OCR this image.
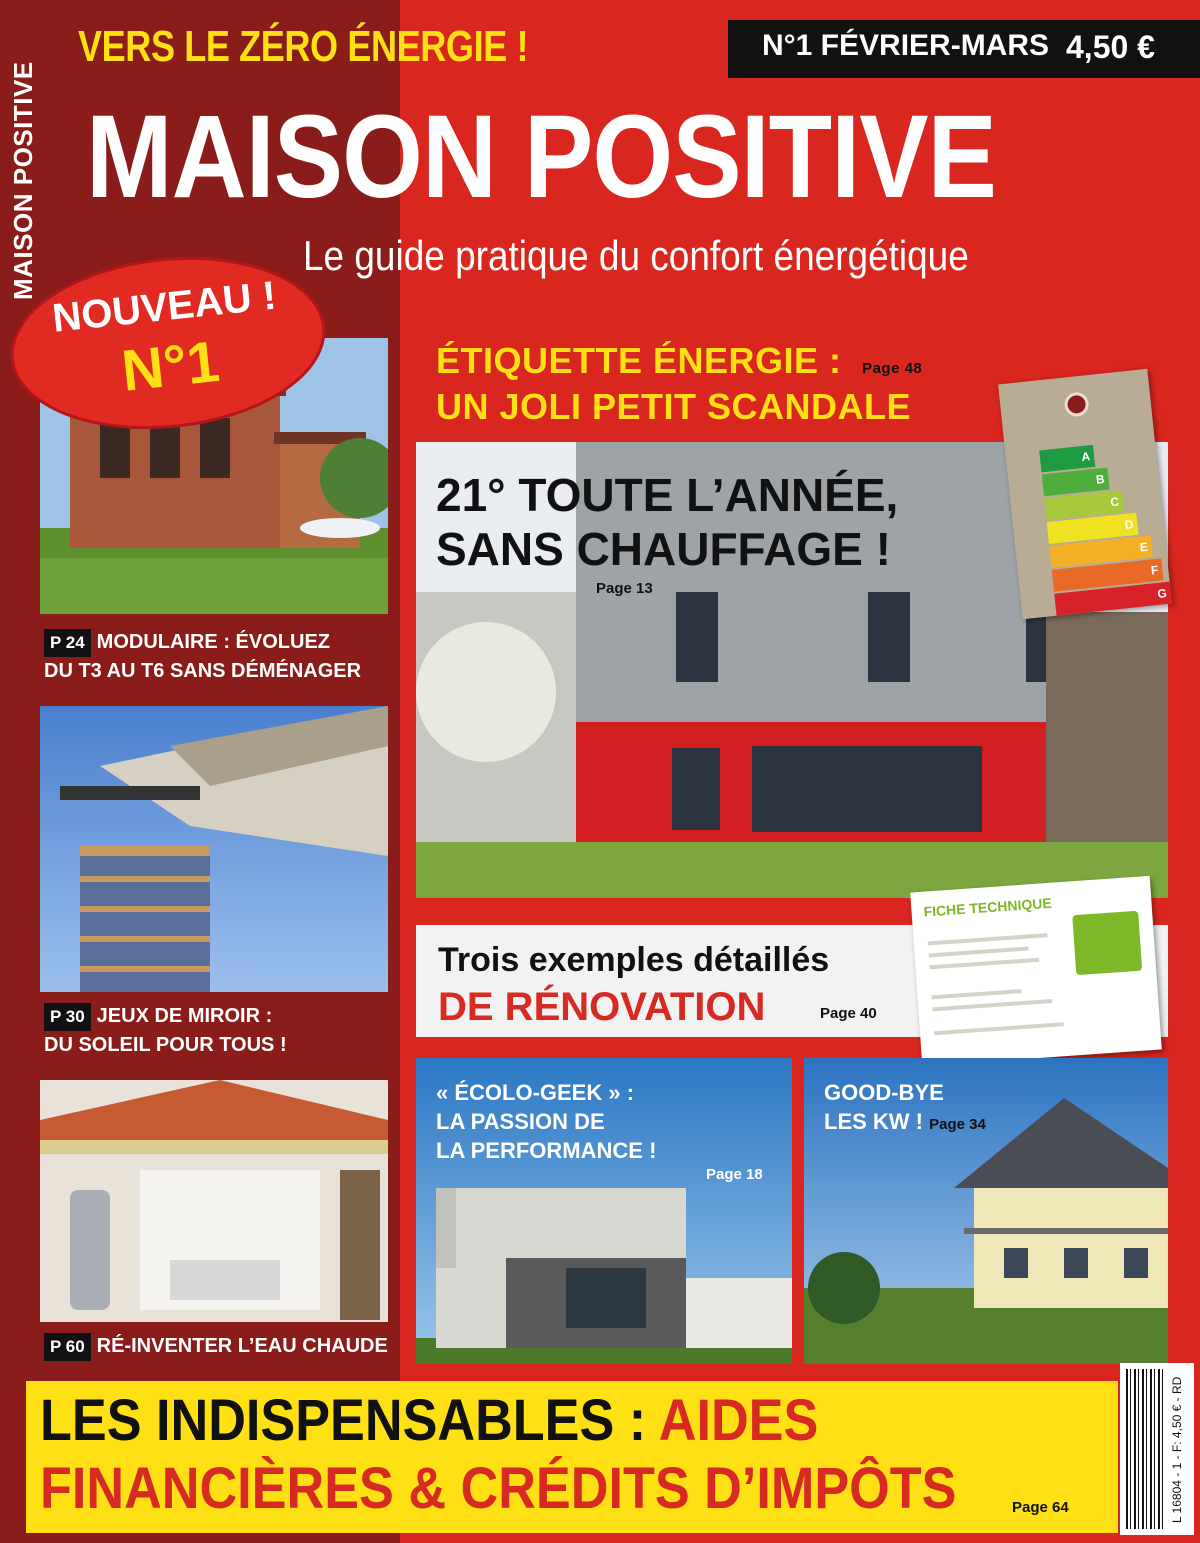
MAISON POSITIVE
VERS LE ZÉRO ÉNERGIE !	N°1 FÉVRIER-MARS 4,50 €
MAISON POSITIVE
Le guide pratique du confort énergétique
P 24 MODULAIRE : ÉVOLUEZ
DU T3 AU T6 SANS DÉMÉNAGER
P 30 JEUX DE MIROIR :
DU SOLEIL POUR TOUS !
P 60 RÉ-INVENTER L’EAU CHAUDE
NOUVEAU !
N°1	ÉTIQUETTE ÉNERGIE : Page 48
UN JOLI PETIT SCANDALE
21° TOUTE L’ANNÉE,
SANS CHAUFFAGE !
Page 13
A
B
C
D
E
F
G
Trois exemples détaillés
DE RÉNOVATION	Page 40
FICHE TECHNIQUE
« ÉCOLO-GEEK » :
LA PASSION DE
LA PERFORMANCE !
Page 18
GOOD-BYE
LES KW ! Page 34
LES INDISPENSABLES : AIDES
FINANCIÈRES & CRÉDITS D’IMPÔTS	Page 64	L 16804 - 1 - F: 4,50 € - RD
